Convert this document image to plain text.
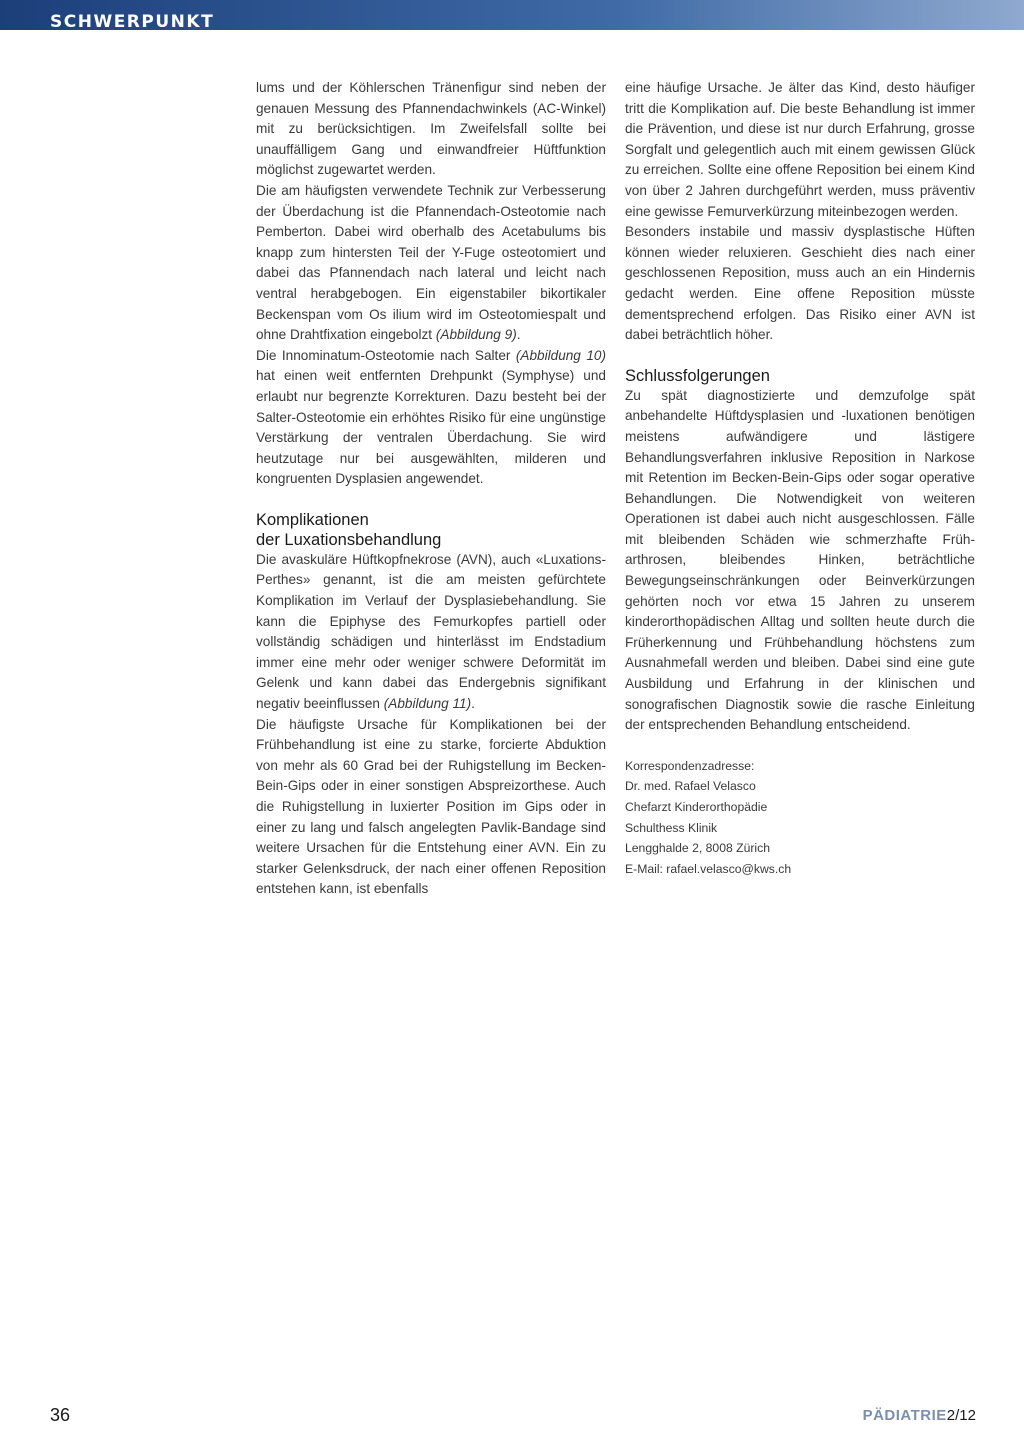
SCHWERPUNKT

lums und der Köhlerschen Tränenfigur sind neben der genauen Messung des Pfannendachwinkels (AC-Winkel) mit zu berücksichtigen. Im Zweifelsfall sollte bei unauffälligem Gang und einwandfreier Hüftfunktion möglichst zugewartet werden.

Die am häufigsten verwendete Technik zur Verbesserung der Überdachung ist die Pfannendach-Osteotomie nach Pemberton. Dabei wird oberhalb des Acetabulums bis knapp zum hintersten Teil der Y-Fuge osteotomiert und dabei das Pfannendach nach lateral und leicht nach ventral herabgebogen. Ein eigenstabiler bikortikaler Beckenspan vom Os ilium wird im Osteotomiespalt und ohne Drahtfixation eingebolzt (Abbildung 9).

Die Innominatum-Osteotomie nach Salter (Abbildung 10) hat einen weit entfernten Drehpunkt (Symphyse) und erlaubt nur begrenzte Korrekturen. Dazu besteht bei der Salter-Osteotomie ein erhöhtes Risiko für eine ungünstige Verstärkung der ventralen Überdachung. Sie wird heutzutage nur bei ausgewählten, milderen und kongruenten Dysplasien angewendet.

Komplikationen
der Luxationsbehandlung

Die avaskuläre Hüftkopfnekrose (AVN), auch «Luxations-Perthes» genannt, ist die am meisten gefürchtete Komplikation im Verlauf der Dysplasiebehandlung. Sie kann die Epiphyse des Femurkopfes partiell oder vollständig schädigen und hinterlässt im Endstadium immer eine mehr oder weniger schwere Deformität im Gelenk und kann dabei das Endergebnis signifikant negativ beeinflussen (Abbildung 11).

Die häufigste Ursache für Komplikationen bei der Frühbehandlung ist eine zu starke, forcierte Abduktion von mehr als 60 Grad bei der Ruhigstellung im Becken-Bein-Gips oder in einer sonstigen Abspreizorthese. Auch die Ruhigstellung in luxierter Position im Gips oder in einer zu lang und falsch angelegten Pavlik-Bandage sind weitere Ursachen für die Entstehung einer AVN. Ein zu starker Gelenksdruck, der nach einer offenen Reposition entstehen kann, ist ebenfalls

eine häufige Ursache. Je älter das Kind, desto häufiger tritt die Komplikation auf. Die beste Behandlung ist immer die Prävention, und diese ist nur durch Erfahrung, grosse Sorgfalt und gelegentlich auch mit einem gewissen Glück zu erreichen. Sollte eine offene Reposition bei einem Kind von über 2 Jahren durchgeführt werden, muss präventiv eine gewisse Femurverkürzung miteinbezogen werden.

Besonders instabile und massiv dysplastische Hüften können wieder reluxieren. Geschieht dies nach einer geschlossenen Reposition, muss auch an ein Hindernis gedacht werden. Eine offene Reposition müsste dementsprechend erfolgen. Das Risiko einer AVN ist dabei beträchtlich höher.

Schlussfolgerungen

Zu spät diagnostizierte und demzufolge spät anbehandelte Hüftdysplasien und -luxationen benötigen meistens aufwändigere und lästigere Behandlungsverfahren inklusive Reposition in Narkose mit Retention im Becken-Bein-Gips oder sogar operative Behandlungen. Die Notwendigkeit von weiteren Operationen ist dabei auch nicht ausgeschlossen. Fälle mit bleibenden Schäden wie schmerzhafte Früh-arthrosen, bleibendes Hinken, beträchtliche Bewegungseinschränkungen oder Beinverkürzungen gehörten noch vor etwa 15 Jahren zu unserem kinderorthopädischen Alltag und sollten heute durch die Früherkennung und Frühbehandlung höchstens zum Ausnahmefall werden und bleiben. Dabei sind eine gute Ausbildung und Erfahrung in der klinischen und sonografischen Diagnostik sowie die rasche Einleitung der entsprechenden Behandlung entscheidend.

Korrespondenzadresse:
Dr. med. Rafael Velasco
Chefarzt Kinderorthopädie
Schulthess Klinik
Lengghalde 2, 8008 Zürich
E-Mail: rafael.velasco@kws.ch
36	PÄDIATRIE2/12
